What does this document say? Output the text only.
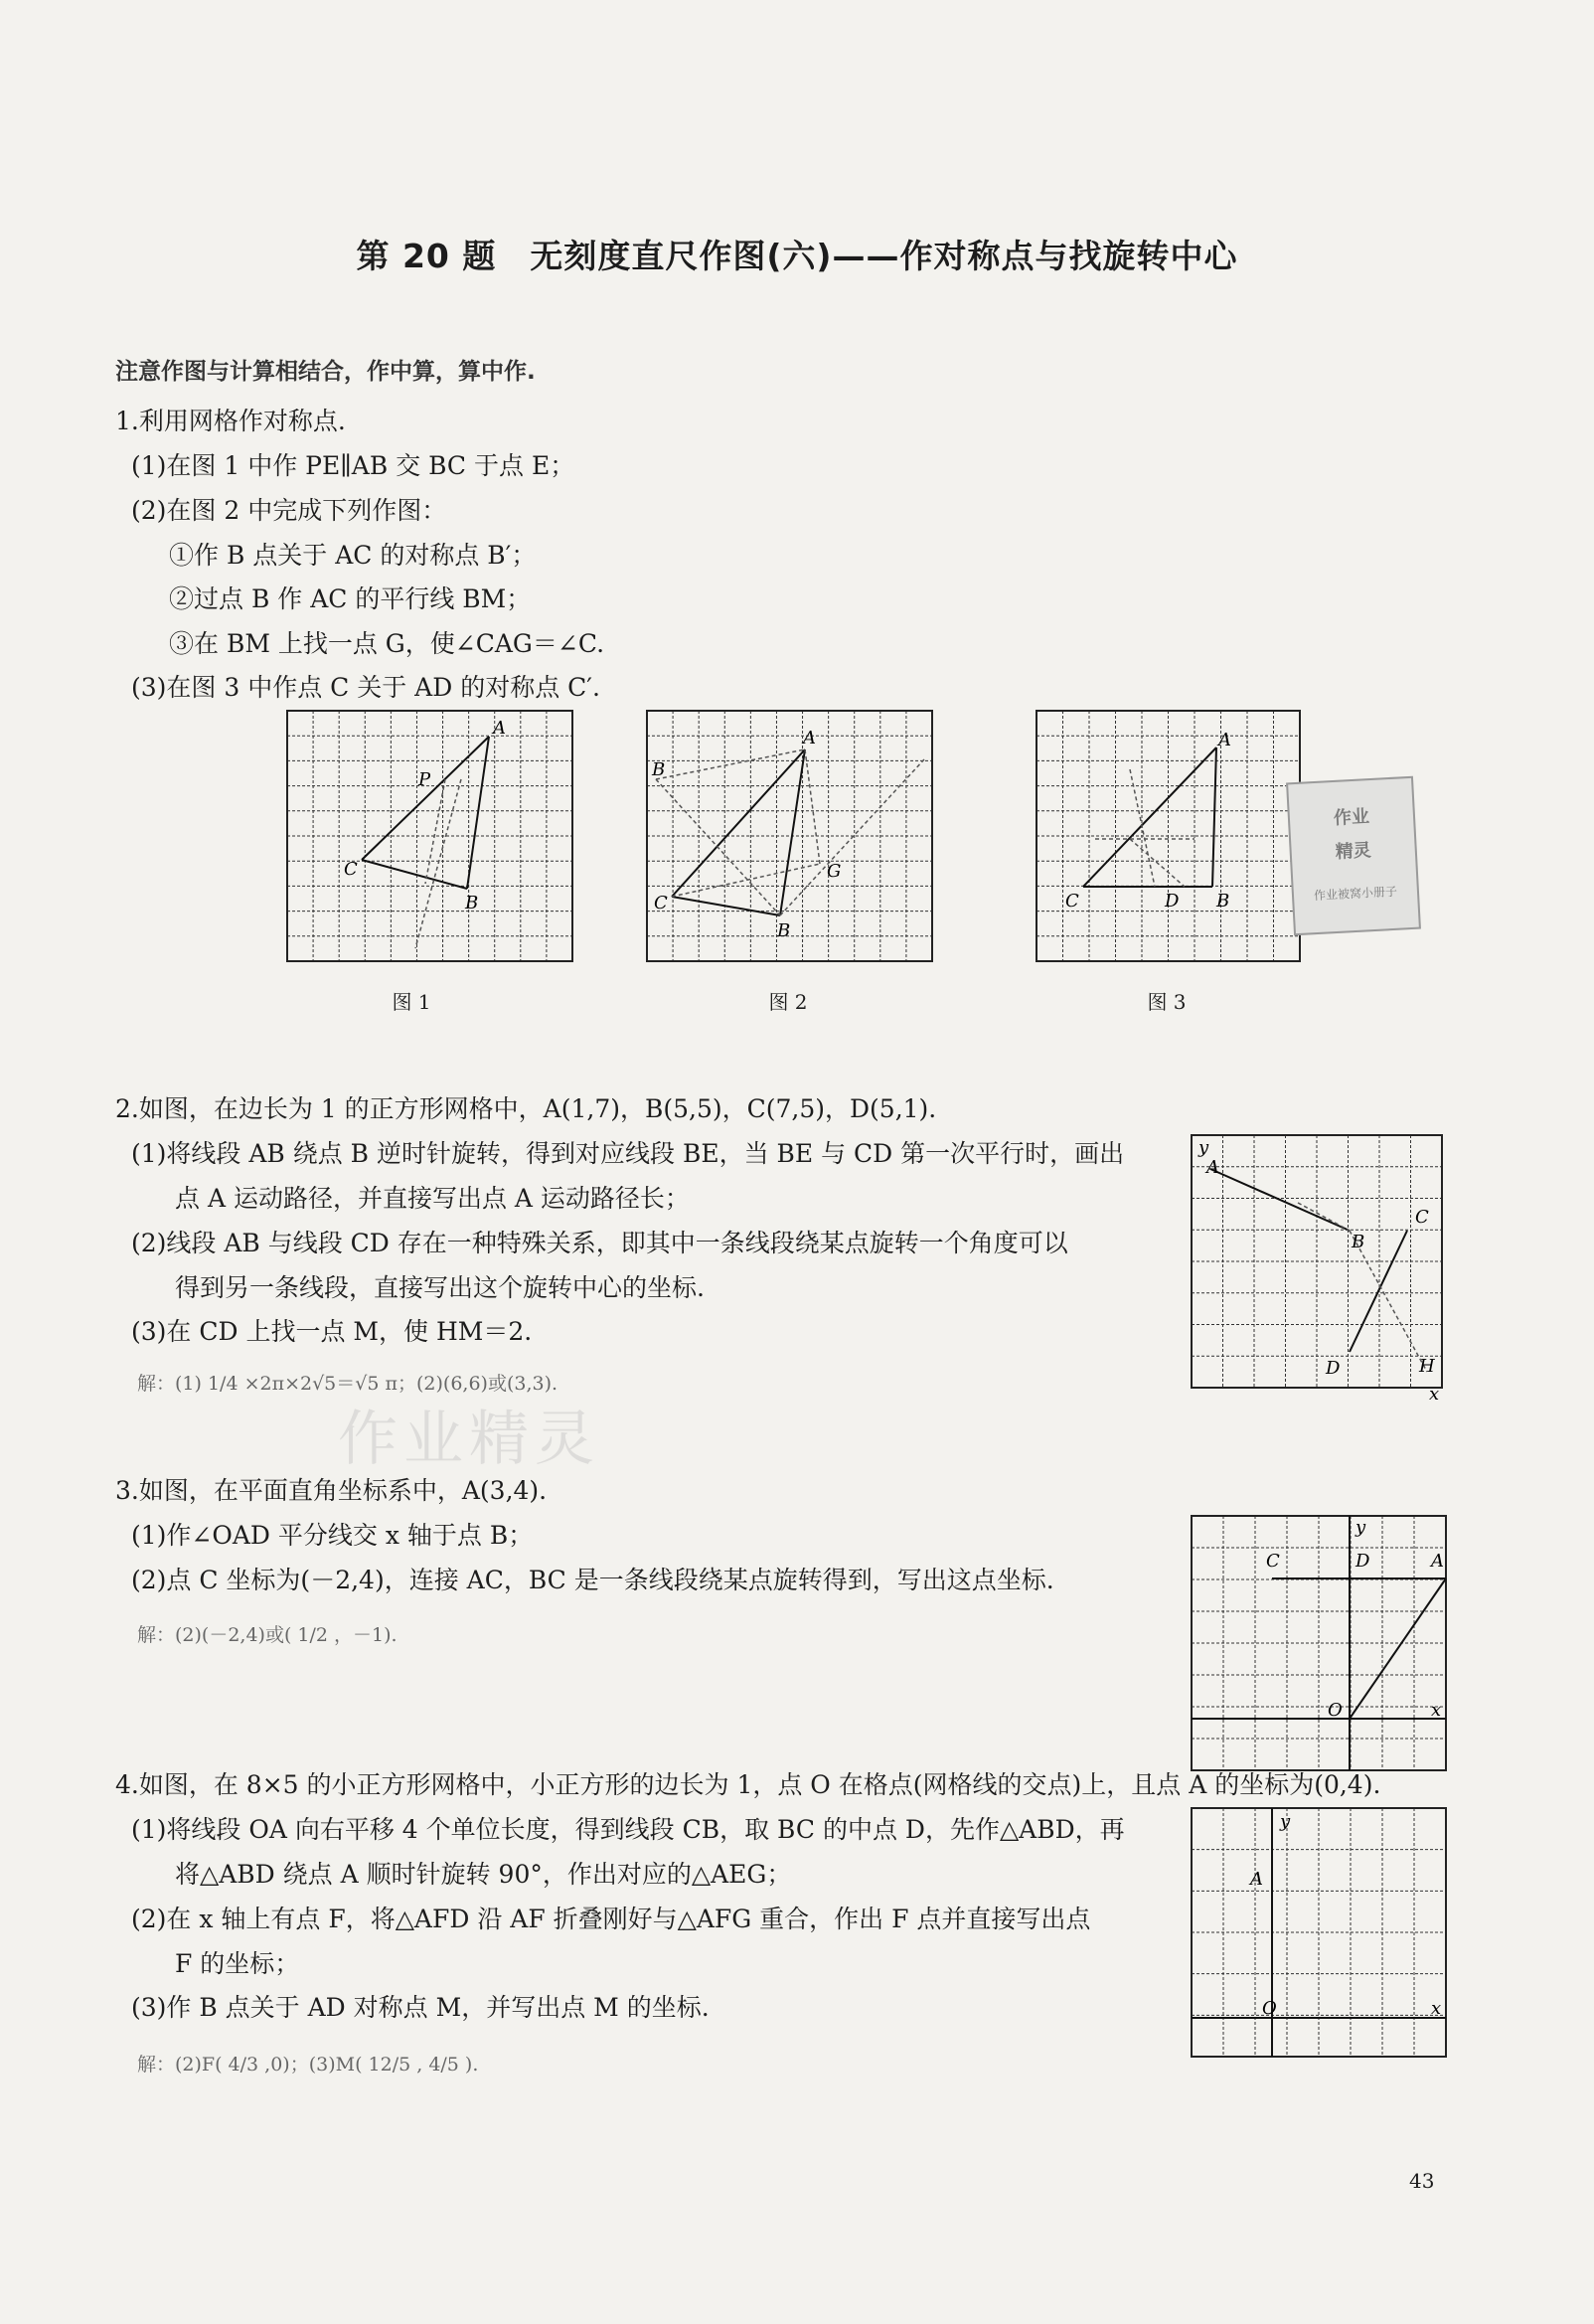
第 20 题　无刻度直尺作图(六)——作对称点与找旋转中心
注意作图与计算相结合，作中算，算中作.
1.利用网格作对称点.
(1)在图 1 中作 PE∥AB 交 BC 于点 E；
(2)在图 2 中完成下列作图：
①作 B 点关于 AC 的对称点 B′；
②过点 B 作 AC 的平行线 BM；
③在 BM 上找一点 G，使∠CAG＝∠C.
(3)在图 3 中作点 C 关于 AD 的对称点 C′.
A
P
C
B
图 1
B
A
C
G
B
图 2
A
C	D B
图 3
作业
精灵
作业被窝小册子
2.如图，在边长为 1 的正方形网格中，A(1,7)，B(5,5)，C(7,5)，D(5,1).
(1)将线段 AB 绕点 B 逆时针旋转，得到对应线段 BE，当 BE 与 CD 第一次平行时，画出
点 A 运动路径，并直接写出点 A 运动路径长；
(2)线段 AB 与线段 CD 存在一种特殊关系，即其中一条线段绕某点旋转一个角度可以
得到另一条线段，直接写出这个旋转中心的坐标.
(3)在 CD 上找一点 M，使 HM＝2.
解：(1) 1/4 ×2π×2√5＝√5 π；(2)(6,6)或(3,3).
y
A
B
C
D	H
x
3.如图，在平面直角坐标系中，A(3,4).
(1)作∠OAD 平分线交 x 轴于点 B；
(2)点 C 坐标为(－2,4)，连接 AC，BC 是一条线段绕某点旋转得到，写出这点坐标.
解：(2)(－2,4)或( 1/2 ，－1).
y
C	D	A
O	x
4.如图，在 8×5 的小正方形网格中，小正方形的边长为 1，点 O 在格点(网格线的交点)上，且点 A 的坐标为(0,4).
(1)将线段 OA 向右平移 4 个单位长度，得到线段 CB，取 BC 的中点 D，先作△ABD，再
将△ABD 绕点 A 顺时针旋转 90°，作出对应的△AEG；
(2)在 x 轴上有点 F，将△AFD 沿 AF 折叠刚好与△AFG 重合，作出 F 点并直接写出点
F 的坐标；
(3)作 B 点关于 AD 对称点 M，并写出点 M 的坐标.
解：(2)F( 4/3 ,0)；(3)M( 12/5 , 4/5 ).
y
A
O	x
作业精灵
43
